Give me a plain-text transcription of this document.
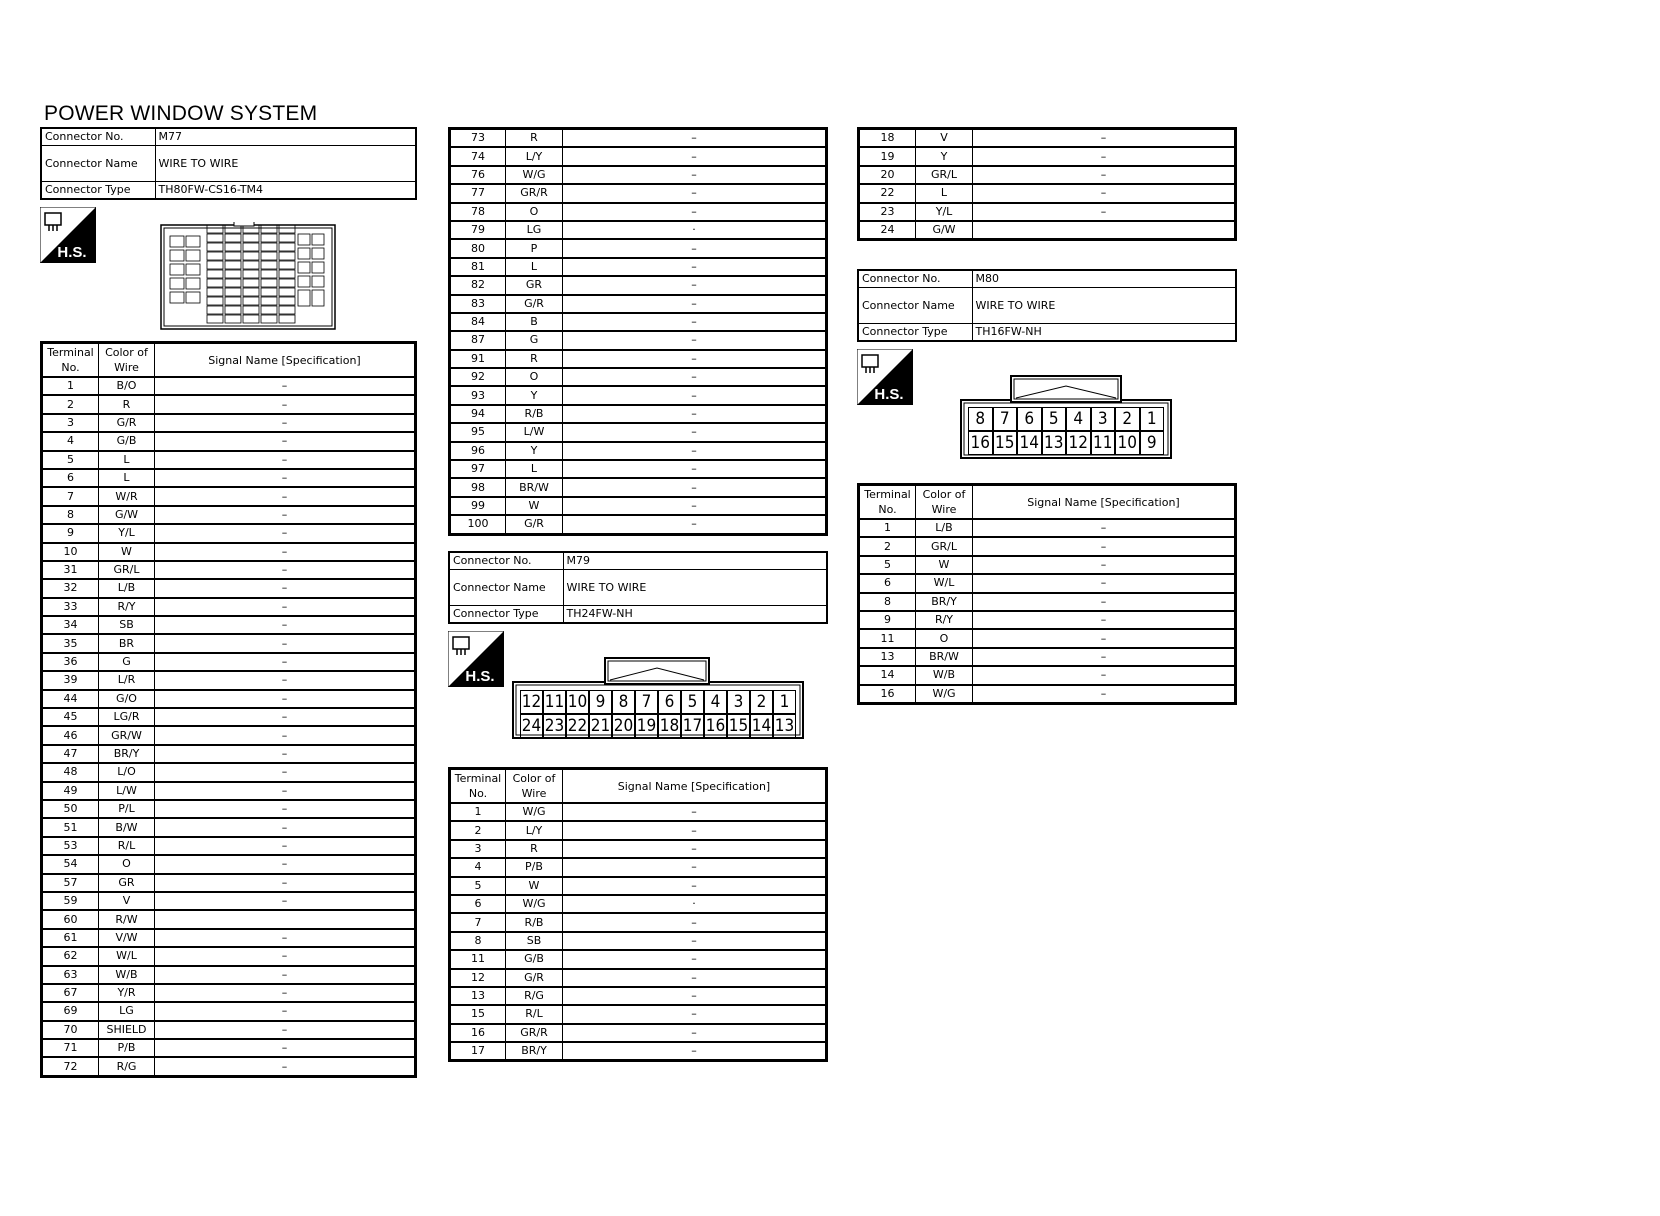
POWER WINDOW SYSTEM
Connector No.	M77
Connector Name	WIRE TO WIRE
Connector Type	TH80FW-CS16-TM4
H.S.
Terminal No.	Color of Wire	Signal Name [Specification]
1	B/O	–
2	R	–
3	G/R	–
4	G/B	–
5	L	–
6	L	–
7	W/R	–
8	G/W	–
9	Y/L	–
10	W	–
31	GR/L	–
32	L/B	–
33	R/Y	–
34	SB	–
35	BR	–
36	G	–
39	L/R	–
44	G/O	–
45	LG/R	–
46	GR/W	–
47	BR/Y	–
48	L/O	–
49	L/W	–
50	P/L	–
51	B/W	–
53	R/L	–
54	O	–
57	GR	–
59	V	–
60	R/W	
61	V/W	–
62	W/L	–
63	W/B	–
67	Y/R	–
69	LG	–
70	SHIELD	–
71	P/B	–
72	R/G	–
73	R	–
74	L/Y	–
76	W/G	–
77	GR/R	–
78	O	–
79	LG	·
80	P	–
81	L	–
82	GR	–
83	G/R	–
84	B	–
87	G	–
91	R	–
92	O	–
93	Y	–
94	R/B	–
95	L/W	–
96	Y	–
97	L	–
98	BR/W	–
99	W	–
100	G/R	–
Connector No.	M79
Connector Name	WIRE TO WIRE
Connector Type	TH24FW-NH
H.S.
12 11 10 9 8 7 6 5 4 3 2 1
24 23 22 21 20 19 18 17 16 15 14 13
Terminal No.	Color of Wire	Signal Name [Specification]
1	W/G	–
2	L/Y	–
3	R	–
4	P/B	–
5	W	–
6	W/G	·
7	R/B	–
8	SB	–
11	G/B	–
12	G/R	–
13	R/G	–
15	R/L	–
16	GR/R	–
17	BR/Y	–
18	V	–
19	Y	–
20	GR/L	–
22	L	–
23	Y/L	–
24	G/W	
Connector No.	M80
Connector Name	WIRE TO WIRE
Connector Type	TH16FW-NH
H.S.
8 7 6 5 4 3 2 1
16 15 14 13 12 11 10 9
Terminal No.	Color of Wire	Signal Name [Specification]
1	L/B	–
2	GR/L	–
5	W	–
6	W/L	–
8	BR/Y	–
9	R/Y	–
11	O	–
13	BR/W	–
14	W/B	–
16	W/G	–
